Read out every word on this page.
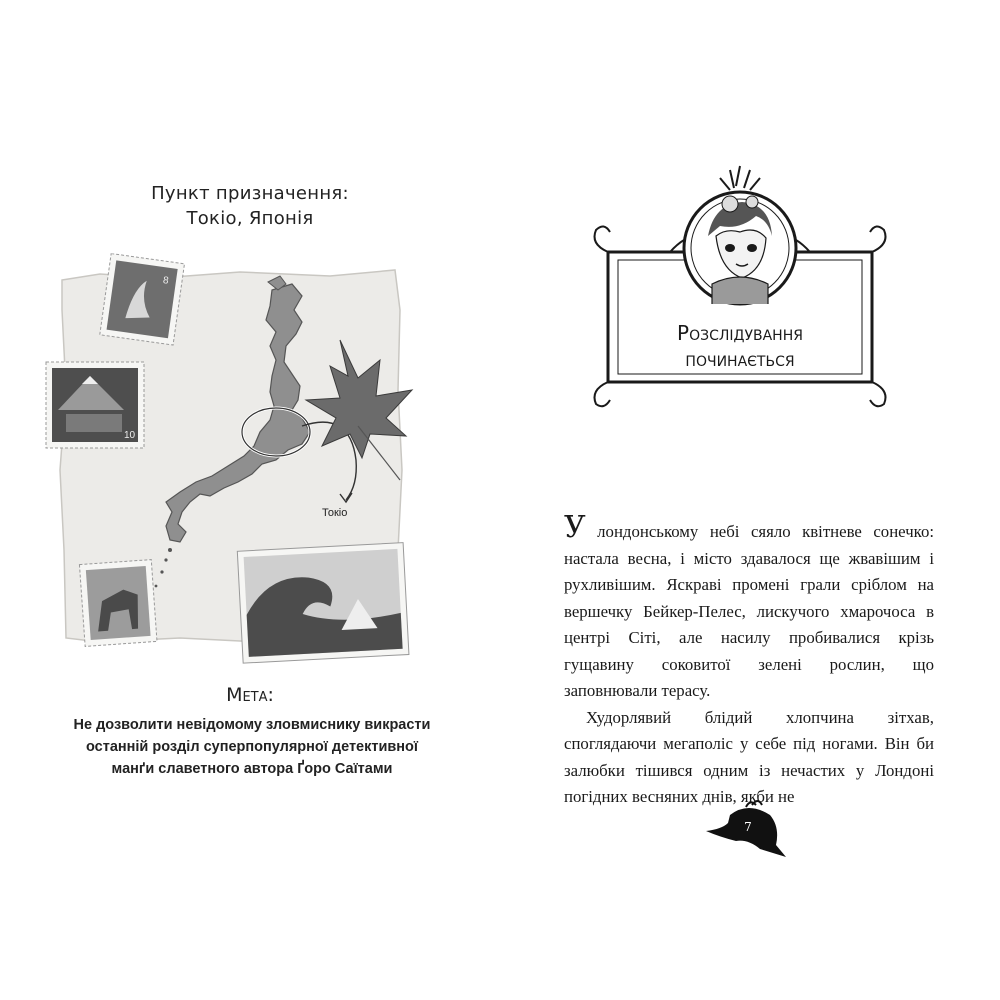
Пункт призначення:
Токіо, Японія
Токіо
8
10
Мета:
Не дозволити невідомому зловмиснику викрасти
останній розділ суперпопулярної детективної
манґи славетного автора Ґоро Саїтами
Розслідування
починається

У лондонському небі сяяло квітневе сонечко: настала весна, і місто здавалося ще жвавішим і рухливішим. Яскраві промені грали сріблом на вершечку Бейкер-Пелес, лискучого хмарочоса в центрі Сіті, але насилу пробивалися крізь гущавину соковитої зелені рослин, що заповнювали терасу.

Худорлявий блідий хлопчина зітхав, споглядаючи мегаполіс у себе під ногами. Він би залюбки тішився одним із нечастих у Лондоні погідних весняних днів, якби не

7
